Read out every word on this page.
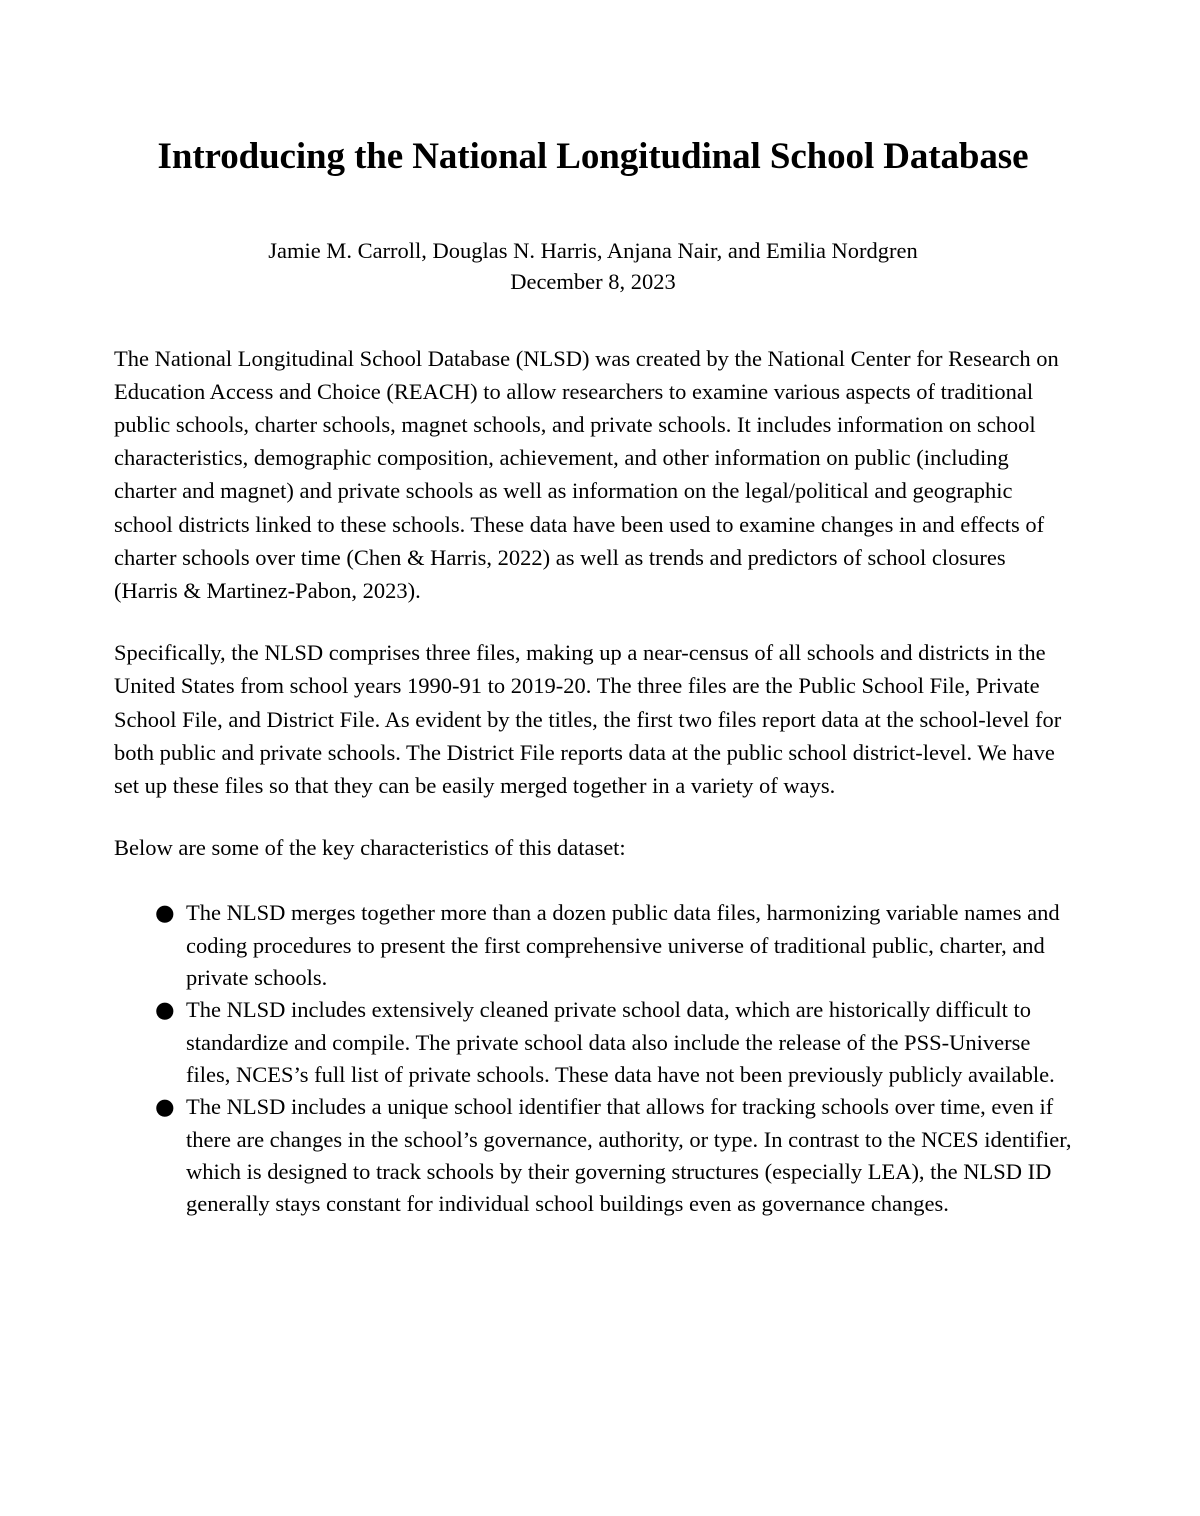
Introducing the National Longitudinal School Database

Jamie M. Carroll, Douglas N. Harris, Anjana Nair, and Emilia Nordgren

December 8, 2023

The National Longitudinal School Database (NLSD) was created by the National Center for Research on Education Access and Choice (REACH) to allow researchers to examine various aspects of traditional public schools, charter schools, magnet schools, and private schools. It includes information on school characteristics, demographic composition, achievement, and other information on public (including charter and magnet) and private schools as well as information on the legal/political and geographic school districts linked to these schools. These data have been used to examine changes in and effects of charter schools over time (Chen & Harris, 2022) as well as trends and predictors of school closures (Harris & Martinez-Pabon, 2023).

Specifically, the NLSD comprises three files, making up a near-census of all schools and districts in the United States from school years 1990-91 to 2019-20. The three files are the Public School File, Private School File, and District File. As evident by the titles, the first two files report data at the school-level for both public and private schools. The District File reports data at the public school district-level. We have set up these files so that they can be easily merged together in a variety of ways.

Below are some of the key characteristics of this dataset:

● The NLSD merges together more than a dozen public data files, harmonizing variable names and coding procedures to present the first comprehensive universe of traditional public, charter, and private schools.
● The NLSD includes extensively cleaned private school data, which are historically difficult to standardize and compile. The private school data also include the release of the PSS-Universe files, NCES’s full list of private schools. These data have not been previously publicly available.
● The NLSD includes a unique school identifier that allows for tracking schools over time, even if there are changes in the school’s governance, authority, or type. In contrast to the NCES identifier, which is designed to track schools by their governing structures (especially LEA), the NLSD ID generally stays constant for individual school buildings even as governance changes.
